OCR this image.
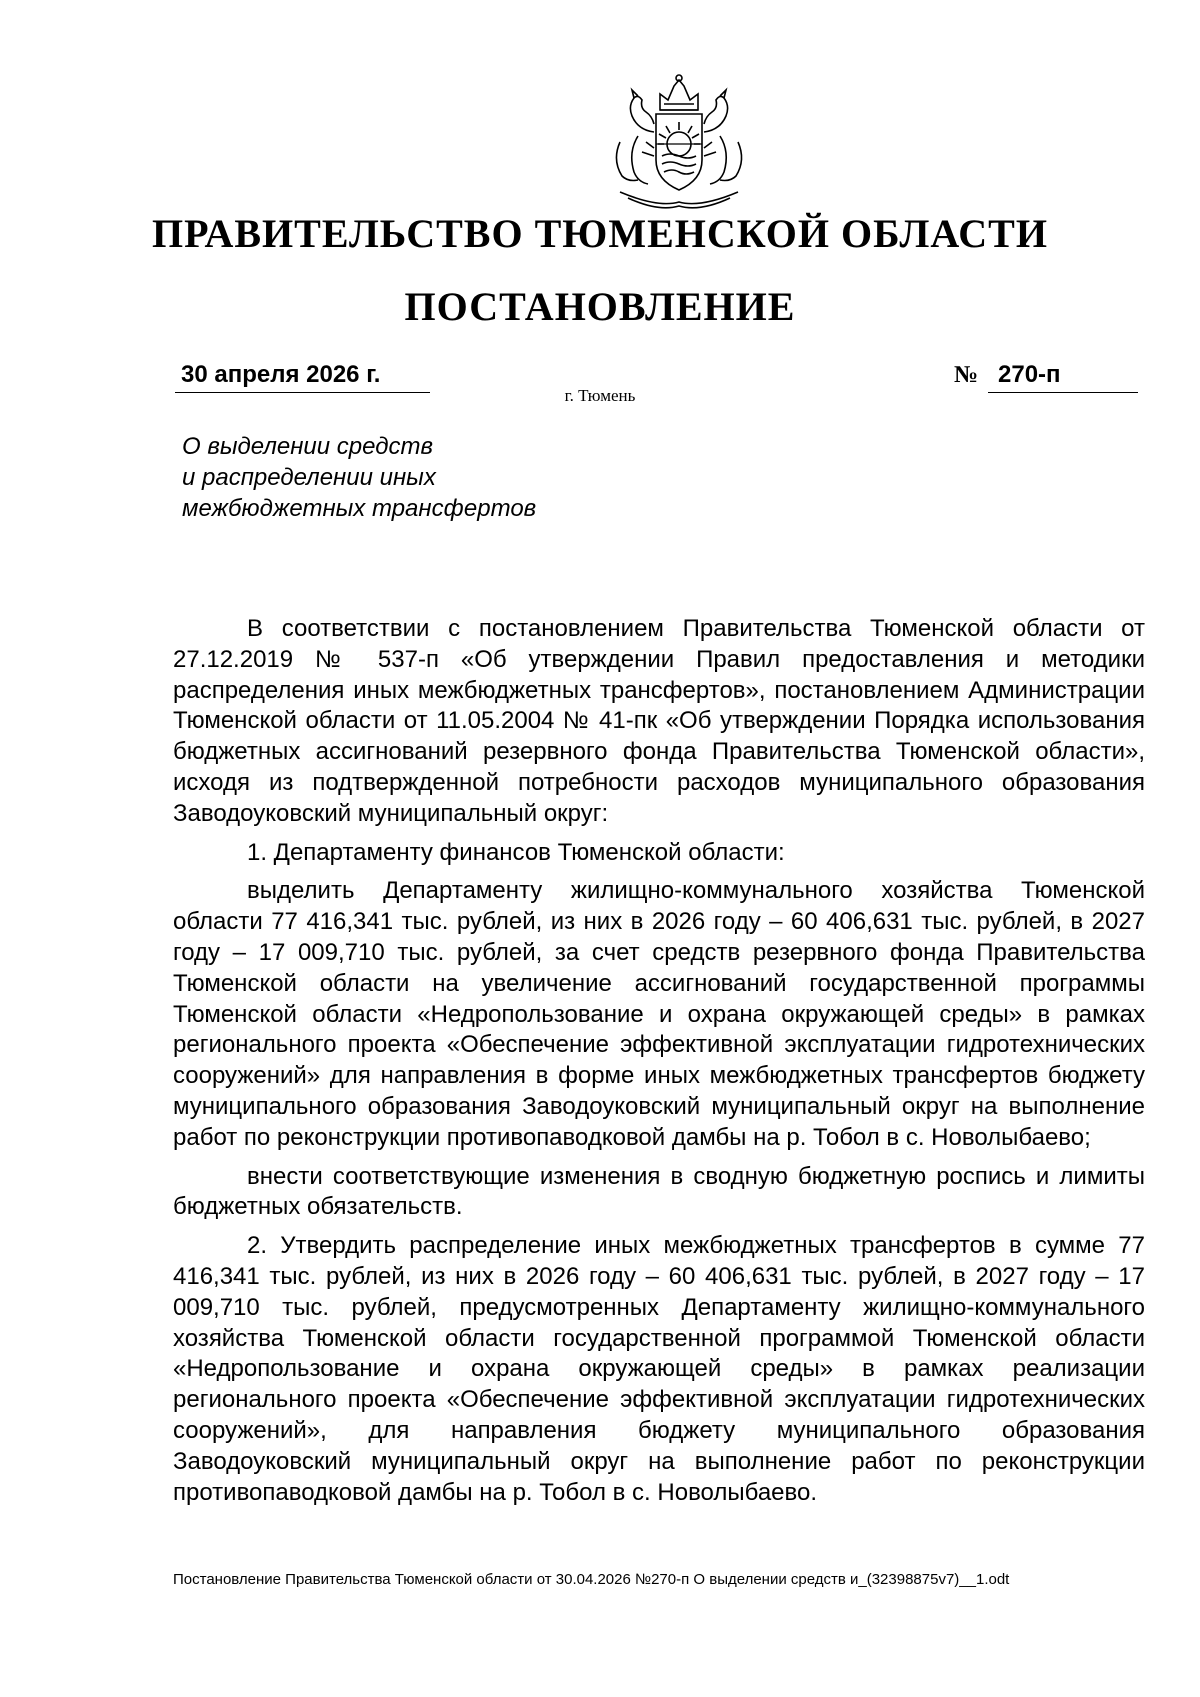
ПРАВИТЕЛЬСТВО ТЮМЕНСКОЙ ОБЛАСТИ
ПОСТАНОВЛЕНИЕ
30 апреля 2026 г.	№ 270-п
г. Тюмень
О выделении средств
и распределении иных
межбюджетных трансфертов

В соответствии с постановлением Правительства Тюменской области от 27.12.2019 № 537-п «Об утверждении Правил предоставления и методики распределения иных межбюджетных трансфертов», постановлением Администрации Тюменской области от 11.05.2004 № 41-пк «Об утверждении Порядка использования бюджетных ассигнований резервного фонда Правительства Тюменской области», исходя из подтвержденной потребности расходов муниципального образования Заводоуковский муниципальный округ:

1. Департаменту финансов Тюменской области:

выделить Департаменту жилищно-коммунального хозяйства Тюменской области 77 416,341 тыс. рублей, из них в 2026 году – 60 406,631 тыс. рублей, в 2027 году – 17 009,710 тыс. рублей, за счет средств резервного фонда Правительства Тюменской области на увеличение ассигнований государственной программы Тюменской области «Недропользование и охрана окружающей среды» в рамках регионального проекта «Обеспечение эффективной эксплуатации гидротехнических сооружений» для направления в форме иных межбюджетных трансфертов бюджету муниципального образования Заводоуковский муниципальный округ на выполнение работ по реконструкции противопаводковой дамбы на р. Тобол в с. Новолыбаево;

внести соответствующие изменения в сводную бюджетную роспись и лимиты бюджетных обязательств.

2. Утвердить распределение иных межбюджетных трансфертов в сумме 77 416,341 тыс. рублей, из них в 2026 году – 60 406,631 тыс. рублей, в 2027 году – 17 009,710 тыс. рублей, предусмотренных Департаменту жилищно-коммунального хозяйства Тюменской области государственной программой Тюменской области «Недропользование и охрана окружающей среды» в рамках реализации регионального проекта «Обеспечение эффективной эксплуатации гидротехнических сооружений», для направления бюджету муниципального образования Заводоуковский муниципальный округ на выполнение работ по реконструкции противопаводковой дамбы на р. Тобол в с. Новолыбаево.

Постановление Правительства Тюменской области от 30.04.2026 №270-п О выделении средств и_(32398875v7)__1.odt
